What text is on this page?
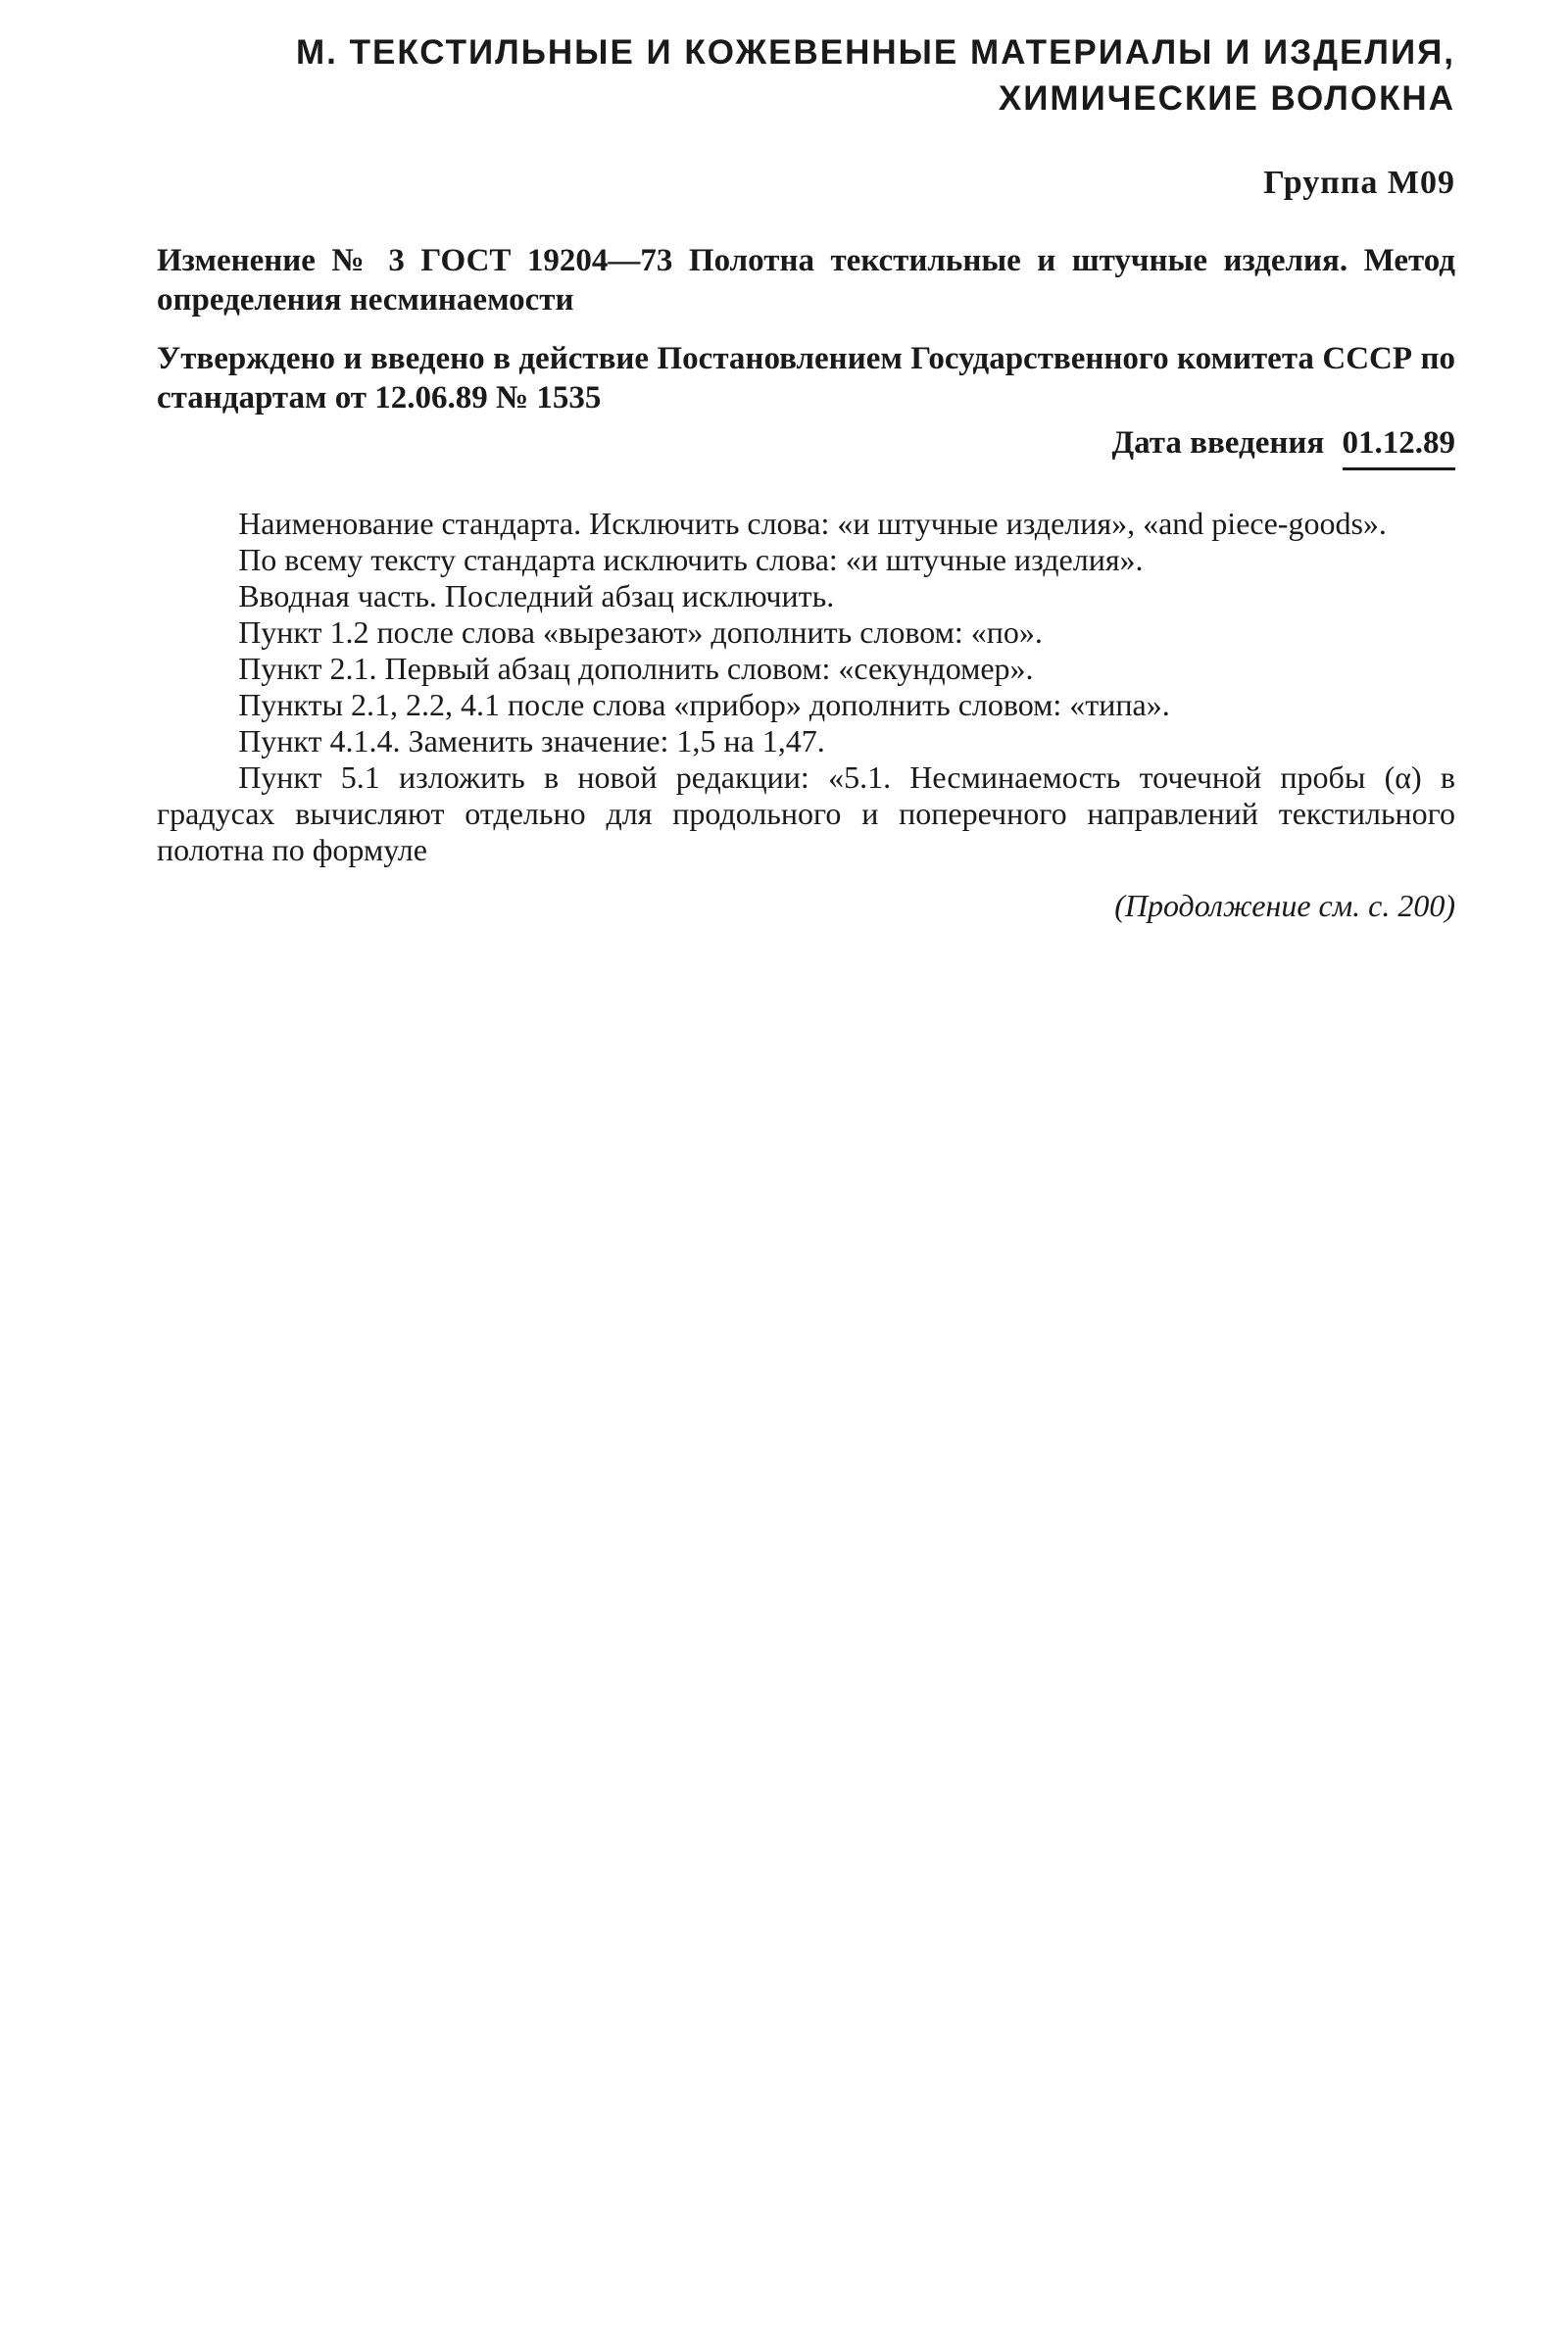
М. ТЕКСТИЛЬНЫЕ И КОЖЕВЕННЫЕ МАТЕРИАЛЫ И ИЗДЕЛИЯ,
ХИМИЧЕСКИЕ ВОЛОКНА
Группа М09
Изменение № 3 ГОСТ 19204—73 Полотна текстильные и штучные изделия. Метод определения несминаемости
Утверждено и введено в действие Постановлением Государственного комитета СССР по стандартам от 12.06.89 № 1535
Дата введения 01.12.89

Наименование стандарта. Исключить слова: «и штучные изделия», «and piece-goods».

По всему тексту стандарта исключить слова: «и штучные изделия».

Вводная часть. Последний абзац исключить.

Пункт 1.2 после слова «вырезают» дополнить словом: «по».

Пункт 2.1. Первый абзац дополнить словом: «секундомер».

Пункты 2.1, 2.2, 4.1 после слова «прибор» дополнить словом: «типа».

Пункт 4.1.4. Заменить значение: 1,5 на 1,47.

Пункт 5.1 изложить в новой редакции: «5.1. Несминаемость точечной пробы (α) в градусах вычисляют отдельно для продольного и поперечного направлений текстильного полотна по формуле

(Продолжение см. с. 200)
